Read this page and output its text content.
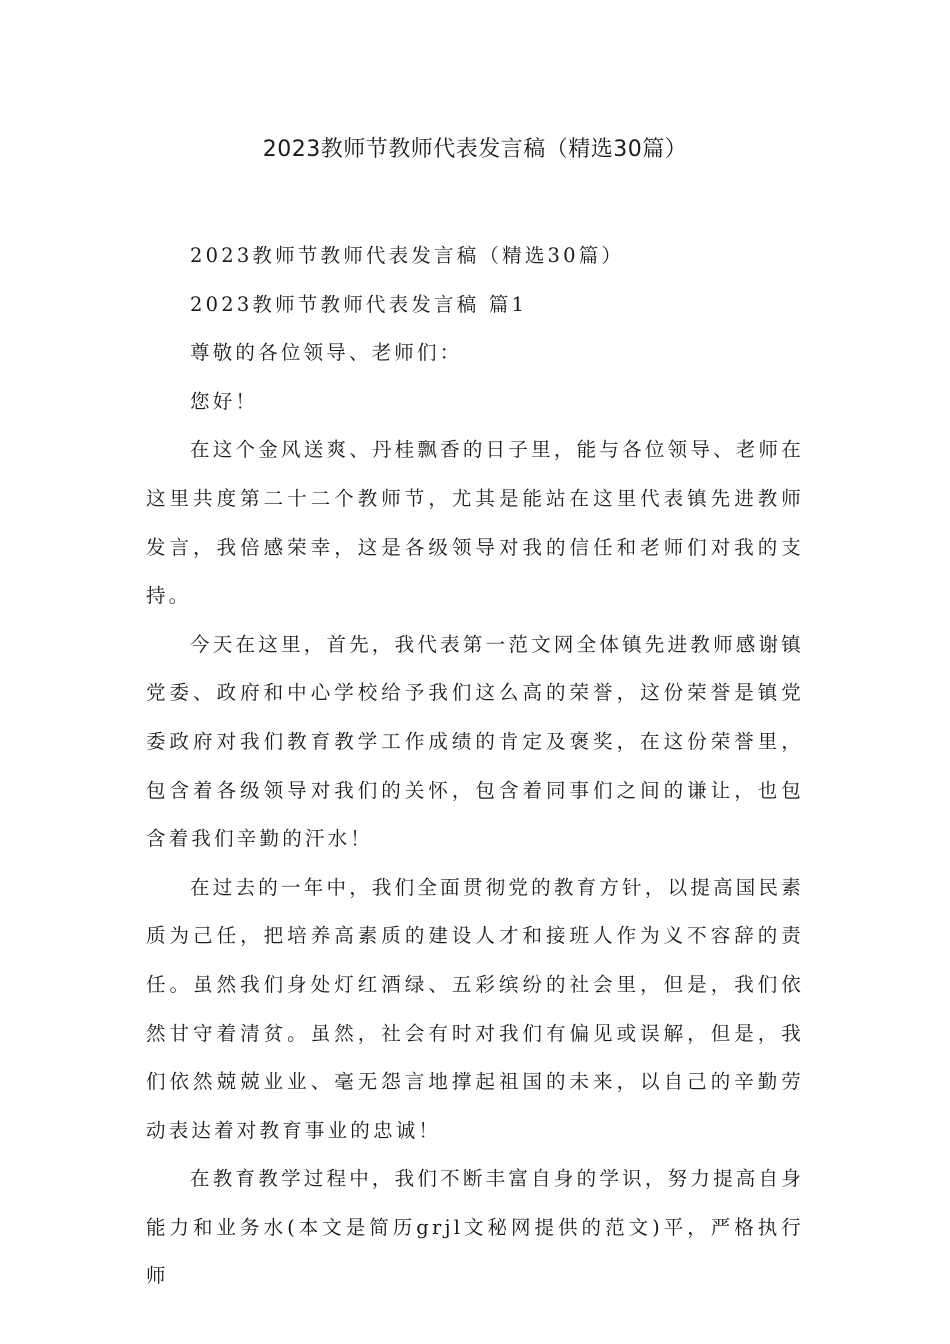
2023教师节教师代表发言稿（精选30篇）

2023教师节教师代表发言稿（精选30篇）

2023教师节教师代表发言稿 篇1

尊敬的各位领导、老师们：

您好！

在这个金风送爽、丹桂飘香的日子里，能与各位领导、老师在这里共度第二十二个教师节，尤其是能站在这里代表镇先进教师发言，我倍感荣幸，这是各级领导对我的信任和老师们对我的支持。

今天在这里，首先，我代表第一范文网全体镇先进教师感谢镇党委、政府和中心学校给予我们这么高的荣誉，这份荣誉是镇党委政府对我们教育教学工作成绩的肯定及褒奖，在这份荣誉里，包含着各级领导对我们的关怀，包含着同事们之间的谦让，也包含着我们辛勤的汗水！

在过去的一年中，我们全面贯彻党的教育方针，以提高国民素质为己任，把培养高素质的建设人才和接班人作为义不容辞的责任。虽然我们身处灯红酒绿、五彩缤纷的社会里，但是，我们依然甘守着清贫。虽然，社会有时对我们有偏见或误解，但是，我们依然兢兢业业、毫无怨言地撑起祖国的未来，以自己的辛勤劳动表达着对教育事业的忠诚！

在教育教学过程中，我们不断丰富自身的学识，努力提高自身能力和业务水(本文是简历grjl文秘网提供的范文)平，严格执行师
